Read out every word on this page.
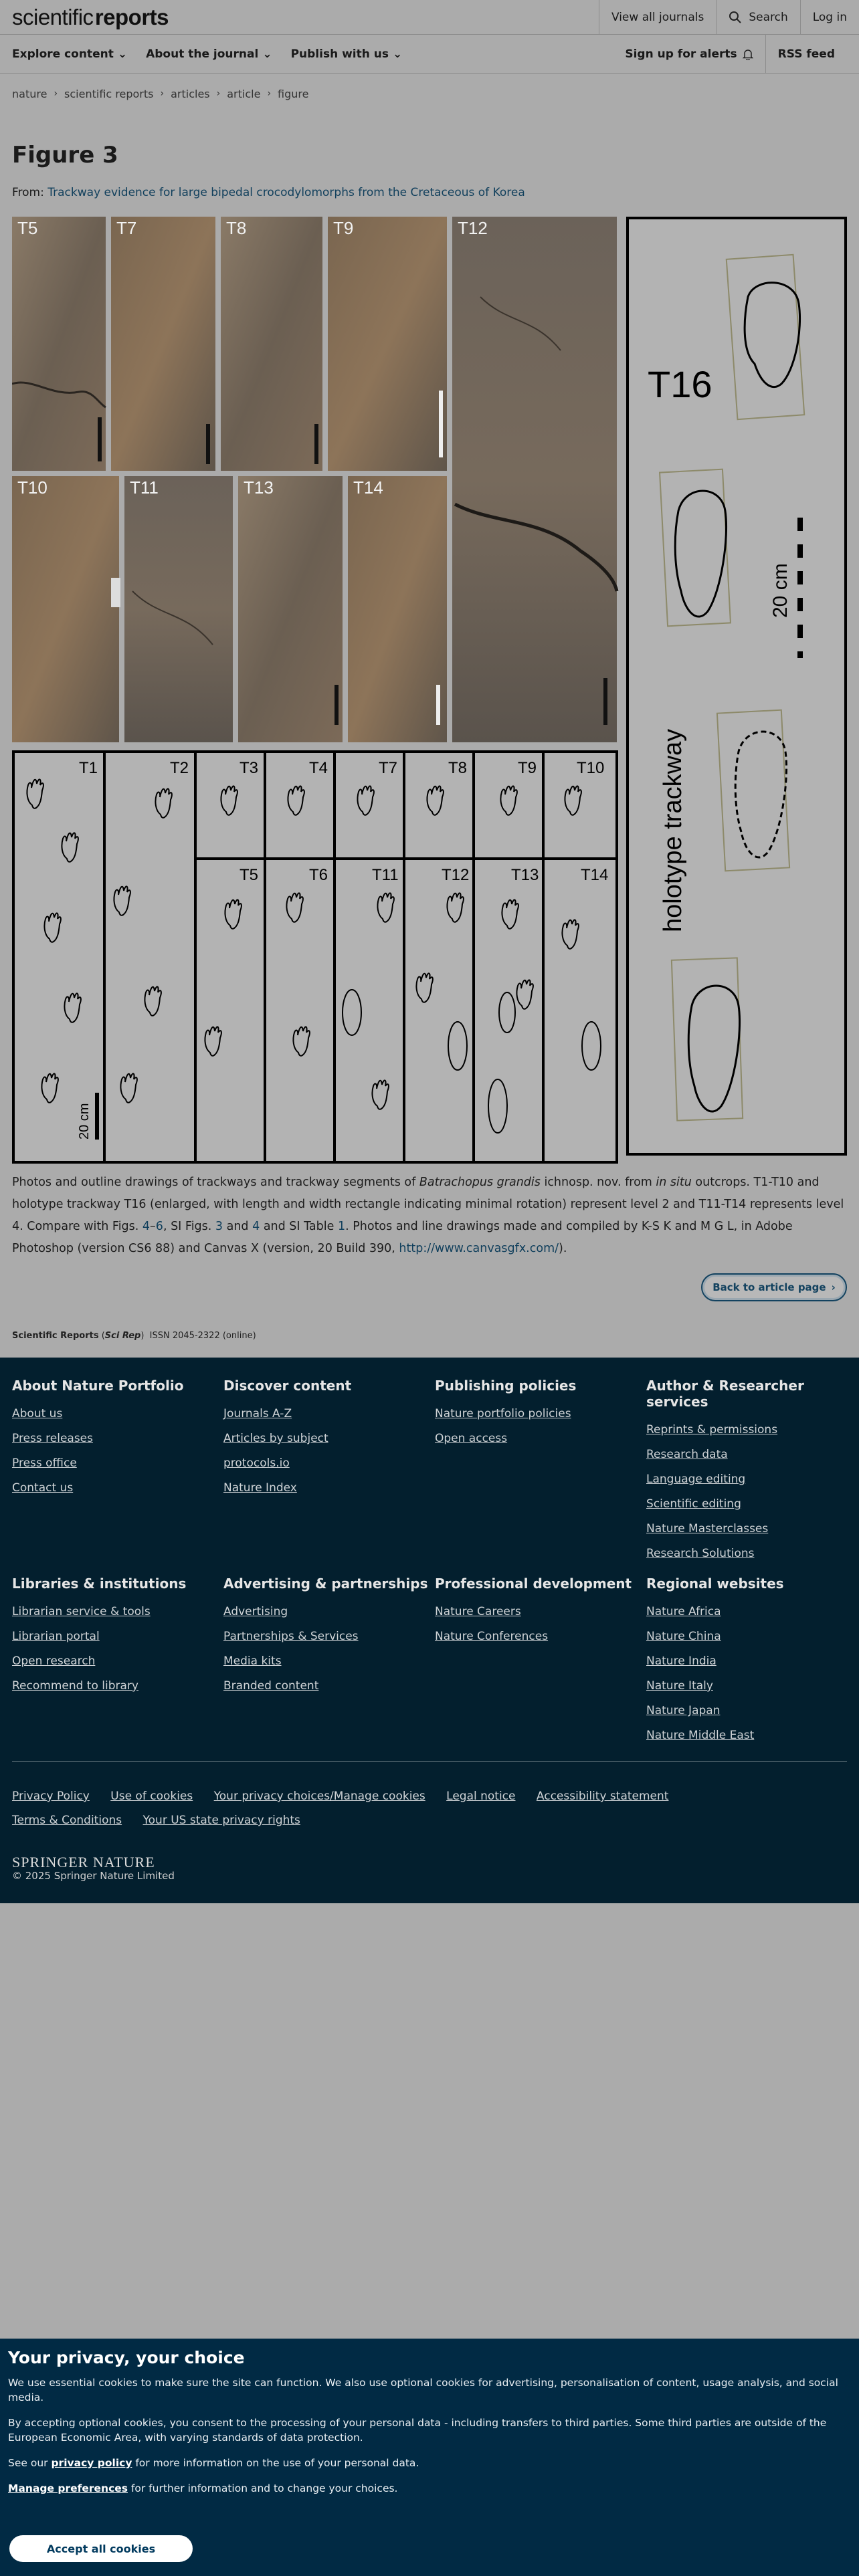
scientific reports	View all journals	Search Log in
Explore content ⌄ About the journal ⌄ Publish with us ⌄	Sign up for alerts	RSS feed
nature › scientific reports › articles › article › figure
Figure 3
From: Trackway evidence for large bipedal crocodylomorphs from the Cretaceous of Korea
T5	T7	T8	T9	T12
T10	T11	T13	T14
T1	T2	T3	T4	T7	T8	T9 T10
T5	T6	T11	T12	T13	T14
20 cm
T16
20 cm
holotype trackway

Photos and outline drawings of trackways and trackway segments of Batrachopus grandis ichnosp. nov. from in situ outcrops. T1-T10 and holotype trackway T16 (enlarged, with length and width rectangle indicating minimal rotation) represent level 2 and T11-T14 represents level 4. Compare with Figs. 4–6, SI Figs. 3 and 4 and SI Table 1. Photos and line drawings made and compiled by K-S K and M G L, in Adobe Photoshop (version CS6 88) and Canvas X (version, 20 Build 390, http://www.canvasgfx.com/).

Back to article page ›
Scientific Reports (Sci Rep)  ISSN 2045-2322 (online)
About Nature Portfolio
About us
Press releases
Press office
Contact us
Discover content
Journals A-Z
Articles by subject
protocols.io
Nature Index
Publishing policies
Nature portfolio policies
Open access
Author & Researcher services
Reprints & permissions
Research data
Language editing
Scientific editing
Nature Masterclasses
Research Solutions
Libraries & institutions
Librarian service & tools
Librarian portal
Open research
Recommend to library
Advertising & partnerships
Advertising
Partnerships & Services
Media kits
Branded content
Professional development
Nature Careers
Nature Conferences
Regional websites
Nature Africa
Nature China
Nature India
Nature Italy
Nature Japan
Nature Middle East
Privacy Policy Use of cookies Your privacy choices/Manage cookies Legal notice Accessibility statement
Terms & Conditions Your US state privacy rights
SPRINGER NATURE
© 2025 Springer Nature Limited
Your privacy, your choice

We use essential cookies to make sure the site can function. We also use optional cookies for advertising, personalisation of content, usage analysis, and social media.

By accepting optional cookies, you consent to the processing of your personal data - including transfers to third parties. Some third parties are outside of the European Economic Area, with varying standards of data protection.

See our privacy policy for more information on the use of your personal data.

Manage preferences for further information and to change your choices.

Accept all cookies
